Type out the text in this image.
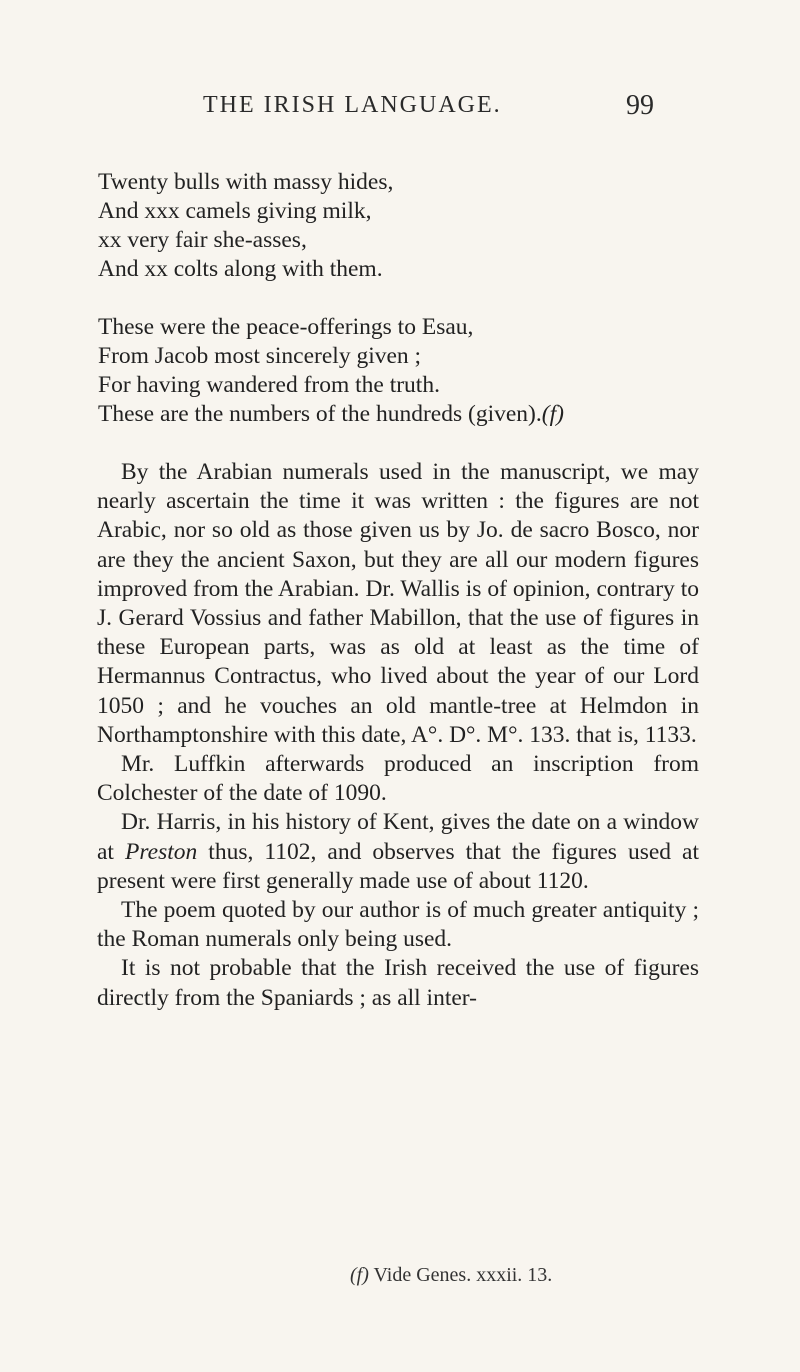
THE IRISH LANGUAGE.	99
Twenty bulls with massy hides,
And xxx camels giving milk,
xx very fair she-asses,
And xx colts along with them.
These were the peace-offerings to Esau,
From Jacob most sincerely given ;
For having wandered from the truth.
These are the numbers of the hundreds (given).(f)

By the Arabian numerals used in the manuscript, we may nearly ascertain the time it was written : the figures are not Arabic, nor so old as those given us by Jo. de sacro Bosco, nor are they the ancient Saxon, but they are all our modern figures improved from the Arabian. Dr. Wallis is of opinion, contrary to J. Gerard Vossius and father Mabillon, that the use of figures in these European parts, was as old at least as the time of Hermannus Contractus, who lived about the year of our Lord 1050 ; and he vouches an old mantle-tree at Helmdon in Northamptonshire with this date, A°. D°. M°. 133. that is, 1133.

Mr. Luffkin afterwards produced an inscription from Colchester of the date of 1090.

Dr. Harris, in his history of Kent, gives the date on a window at Preston thus, 1102, and observes that the figures used at present were first generally made use of about 1120.

The poem quoted by our author is of much greater antiquity ; the Roman numerals only being used.

It is not probable that the Irish received the use of figures directly from the Spaniards ; as all inter-

(f) Vide Genes. xxxii. 13.
